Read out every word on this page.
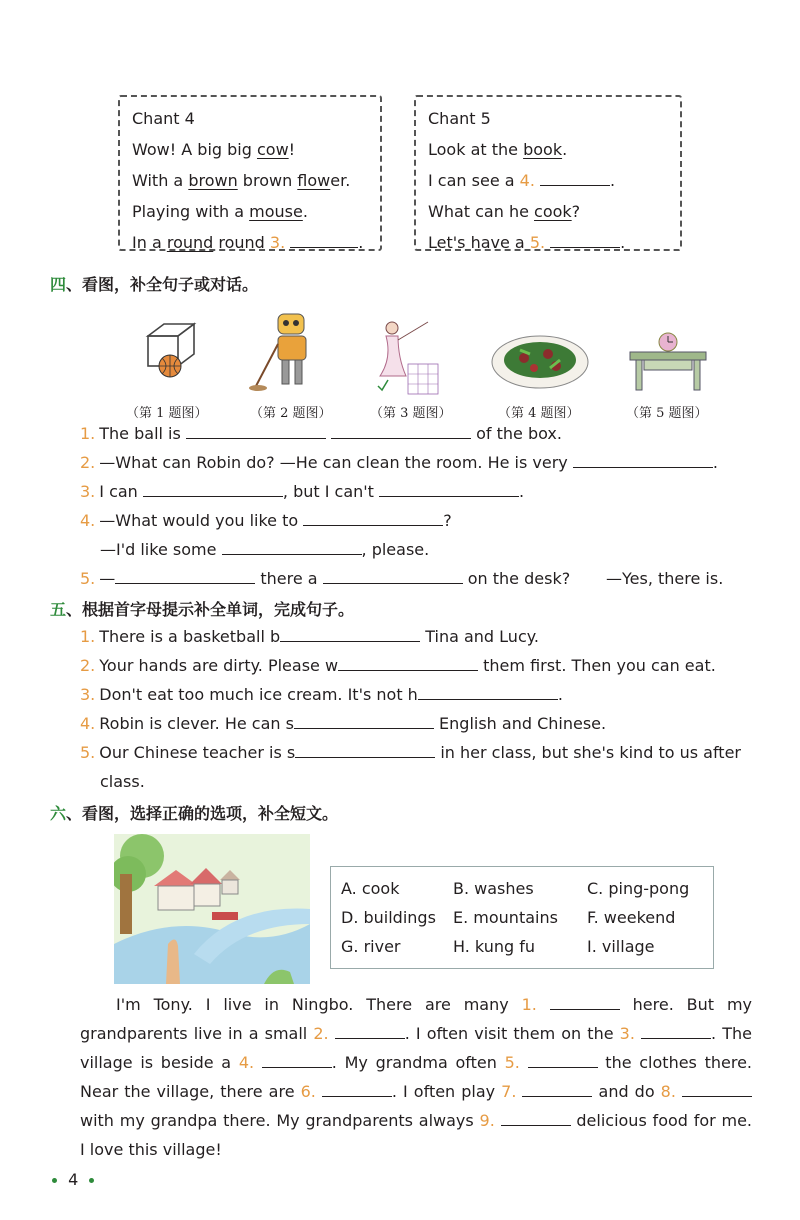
Chant 4
Wow! A big big cow!
With a brown brown flower.
Playing with a mouse.
In a round round 3.	.
Chant 5
Look at the book.
I can see a 4.	.
What can he cook?
Let's have a 5.	.
四、看图，补全句子或对话。
（第 1 题图）	（第 2 题图）	（第 3 题图）	（第 4 题图）	（第 5 题图）
1. The ball is	of the box.
2. —What can Robin do? —He can clean the room. He is very	.
3. I can	, but I can't	.
4. —What would you like to	?
—I'd like some	, please.
5. —	there a	on the desk? —Yes, there is.
五、根据首字母提示补全单词，完成句子。
1. There is a basketball b	Tina and Lucy.
2. Your hands are dirty. Please w	them first. Then you can eat.
3. Don't eat too much ice cream. It's not h	.
4. Robin is clever. He can s	English and Chinese.
5. Our Chinese teacher is s	in her class, but she's kind to us after
class.
六、看图，选择正确的选项，补全短文。
A. cook	B. washes	C. ping-pong
D. buildings E. mountains F. weekend
G. river	H. kung fu	I. village
I'm Tony. I live in Ningbo. There are many 1.	here. But my grandparents live in a small 2.	. I often visit them on the 3.	. The village is beside a 4.	. My grandma often 5.	the clothes there. Near the village, there are 6.	. I often play 7.	and do 8.  with my grandpa there. My grandparents always 9.	delicious food for me. I love this village!
4
